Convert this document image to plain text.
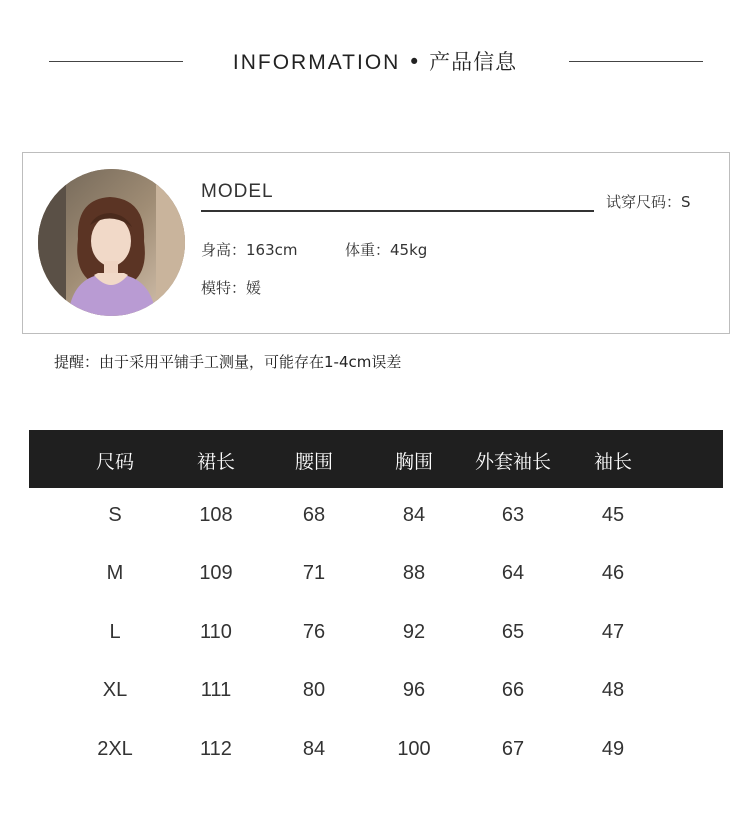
INFORMATION • 产品信息
MODEL	试穿尺码：S
身高：163cm	体重：45kg
模特：媛
提醒：由于采用平铺手工测量，可能存在1-4cm误差
尺码	裙长	腰围	胸围	外套袖长	袖长
S	108	68	84	63	45
M	109	71	88	64	46
L	110	76	92	65	47
XL	111	80	96	66	48
2XL	112	84	100	67	49
